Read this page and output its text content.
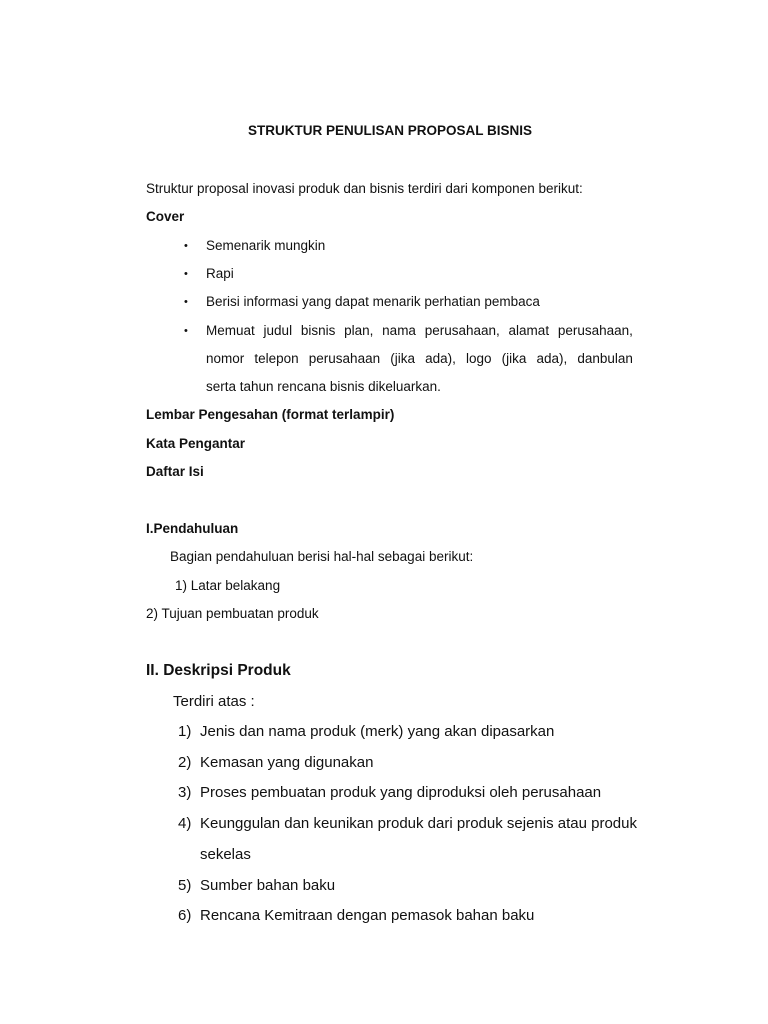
STRUKTUR PENULISAN PROPOSAL BISNIS
Struktur proposal inovasi produk dan bisnis terdiri dari komponen berikut:
Cover
• Semenarik mungkin
• Rapi
• Berisi informasi yang dapat menarik perhatian pembaca
• Memuat judul bisnis plan, nama perusahaan, alamat perusahaan,
nomor telepon perusahaan (jika ada), logo (jika ada), danbulan
serta tahun rencana bisnis dikeluarkan.
Lembar Pengesahan (format terlampir)
Kata Pengantar
Daftar Isi
I.Pendahuluan
Bagian pendahuluan berisi hal-hal sebagai berikut:
1) Latar belakang
2) Tujuan pembuatan produk
II. Deskripsi Produk
Terdiri atas :
1) Jenis dan nama produk (merk) yang akan dipasarkan
2) Kemasan yang digunakan
3) Proses pembuatan produk yang diproduksi oleh perusahaan
4) Keunggulan dan keunikan produk dari produk sejenis atau produk
sekelas
5) Sumber bahan baku
6) Rencana Kemitraan dengan pemasok bahan baku
